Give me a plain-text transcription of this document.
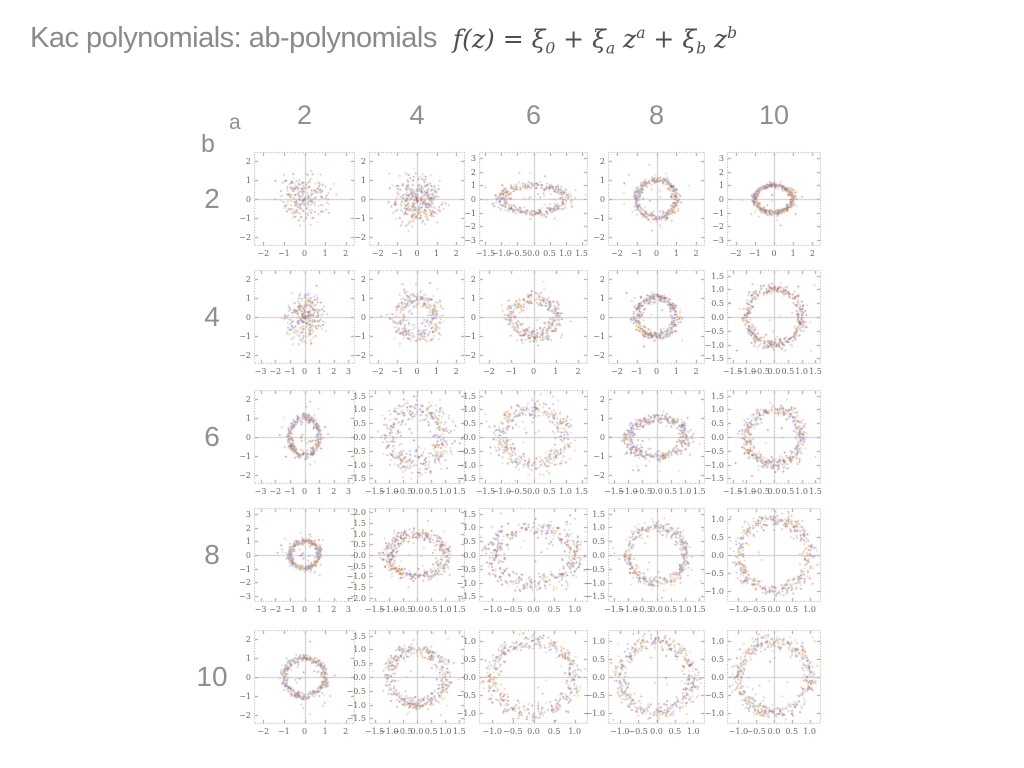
Kac polynomials: ab-polynomials $f(z) = \xi_0 + \xi_a$ $z^a + \xi_b$ $z^b$
a
b
2	4	6	8	10
2
4
6
8
10
−2
−1
0
1
2
−2	−1	0	1	2
−2
−1
0
1
2
−2 −1	0	1	2
−3
−2
−1
0
1
2
3
−1.5
−1.0
−0.5 0.0 0.5 1.0 1.5
−2
−1
0
1
2
−2	−1	0	1	2
−3
−2
−1
0
1
2
3
−2 −1	0	1	2
−2
−1
0
1
2
−3 −2 −1 0	1	2	3
−2
−1
0
1
2
−2 −1	0	1	2
−2
−1
0
1
2
−2	−1	0	1	2
−2
−1
0
1
2
−2	−1	0	1	2
−1.5
−1.0
−0.5
0.0
0.5
1.0
1.5
−1.5
−1.0
−0.5
0.0 0.5 1.0 1.5
−2
−1
0
1
2
−3 −2 −1 0	1	2	3
−1.5
−1.0
−0.5
0.0
0.5
1.0
1.5
−1.5
−1.0
−0.5
0.0 0.5 1.0 1.5
−1.5
−1.0
−0.5
0.0
0.5
1.0
1.5
−1.5
−1.0
−0.5 0.0 0.5 1.0 1.5
−2
−1
0
1
2
−1.5
−1.0
−0.5
0.0 0.5 1.0 1.5
−1.5
−1.0
−0.5
0.0
0.5
1.0
1.5
−1.5
−1.0
−0.5
0.0 0.5 1.0 1.5
−3
−2
−1
0
1
2
3
−3 −2 −1 0	1	2	3
−2.0
−1.5
−1.0
−0.5
0.0
0.5
1.0
1.5
2.0
−1.5
−1.0
−0.5
0.0 0.5 1.0 1.5
−1.5
−1.0
−0.5
0.0
0.5
1.0
1.5
−1.0 −0.5 0.0 0.5 1.0
−1.5
−1.0
−0.5
0.0
0.5
1.0
1.5
−1.5
−1.0
−0.5
0.0 0.5 1.0 1.5
−1.0
−0.5
0.0
0.5
1.0
−1.0
−0.5 0.0 0.5 1.0
−2
−1
0
1
2
−2	−1	0	1	2
−1.5
−1.0
−0.5
0.0
0.5
1.0
1.5
−1.5
−1.0
−0.5
0.0 0.5 1.0 1.5
−1.0
−0.5
0.0
0.5
1.0
−1.0 −0.5 0.0 0.5 1.0
−1.0
−0.5
0.0
0.5
1.0
−1.0
−0.5 0.0 0.5 1.0
−1.0
−0.5
0.0
0.5
1.0
−1.0
−0.5 0.0 0.5 1.0
